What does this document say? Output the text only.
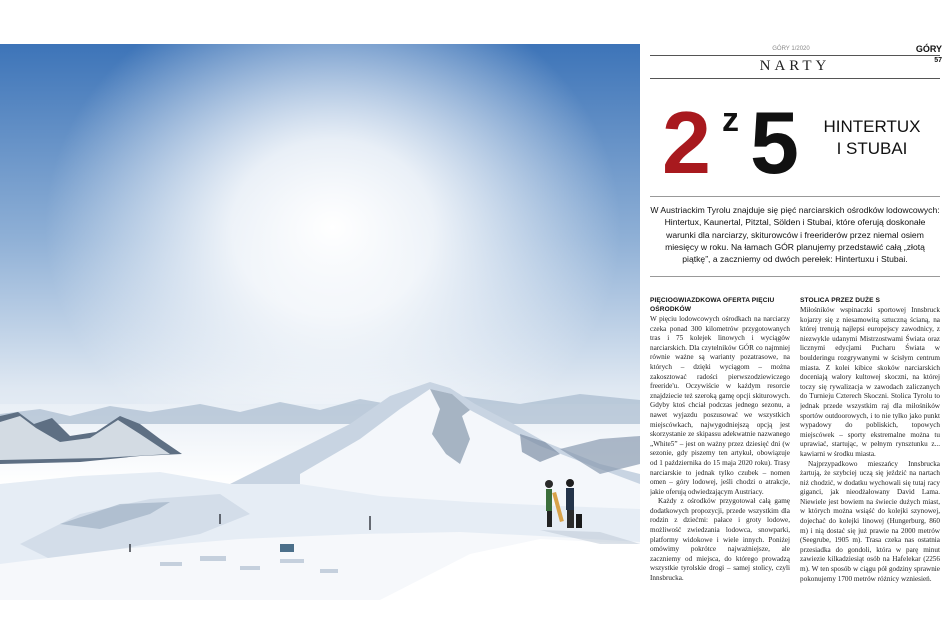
GÓRY 1/2020	GÓRY
57
NARTY
2 z 5 HINTERTUX
I STUBAI
W Austriackim Tyrolu znajduje się pięć narciarskich ośrodków lodowcowych: Hintertux, Kaunertal, Pitztal, Sölden i Stubai, które oferują doskonałe warunki dla narciarzy, skiturowców i freeriderów przez niemal osiem miesięcy w roku. Na łamach GÓR planujemy przedstawić całą „złotą piątkę”, a zaczniemy od dwóch perełek: Hintertuxu i Stubai.
PIĘCIOGWIAZDKOWA OFERTA PIĘCIU OŚRODKÓW

W pięciu lodowcowych ośrodkach na narciarzy czeka ponad 300 kilometrów przygotowanych tras i 75 kolejek linowych i wyciągów narciarskich. Dla czytelników GÓR co najmniej równie ważne są warianty pozatrasowe, na których – dzięki wyciągom – można zakosztować radości pierwszodziewiczego freeride'u. Oczywiście w każdym resorcie znajdziecie też szeroką gamę opcji skiturowych. Gdyby ktoś chciał podczas jednego sezonu, a nawet wyjazdu poszusować we wszystkich miejscówkach, najwygodniejszą opcją jest skorzystanie ze skipassu adekwatnie nazwanego „White5” – jest on ważny przez dziesięć dni (w sezonie, gdy piszemy ten artykuł, obowiązuje od 1 października do 15 maja 2020 roku). Trasy narciarskie to jednak tylko czubek – nomen omen – góry lodowej, jeśli chodzi o atrakcje, jakie oferują odwiedzającym Austriacy.

Każdy z ośrodków przygotował całą gamę dodatkowych propozycji, przede wszystkim dla rodzin z dziećmi: pałace i groty lodowe, możliwość zwiedzania lodowca, snowparki, platformy widokowe i wiele innych. Poniżej omówimy pokrótce najważniejsze, ale zaczniemy od miejsca, do którego prowadzą wszystkie tyrolskie drogi – samej stolicy, czyli Innsbrucka.

STOLICA PRZEZ DUŻE S

Miłośników wspinaczki sportowej Innsbruck kojarzy się z niesamowitą sztuczną ścianą, na której trenują najlepsi europejscy zawodnicy, z niezwykle udanymi Mistrzostwami Świata oraz licznymi edycjami Pucharu Świata w boulderingu rozgrywanymi w ścisłym centrum miasta. Z kolei kibice skoków narciarskich doceniają walory kultowej skoczni, na której toczy się rywalizacja w zawodach zaliczanych do Turnieju Czterech Skoczni. Stolica Tyrolu to jednak przede wszystkim raj dla miłośników sportów outdoorowych, i to nie tylko jako punkt wypadowy do pobliskich, topowych miejscówek – sporty ekstremalne można tu uprawiać, startując, w pełnym rynsztunku z... kawiarni w środku miasta.

Najprzypadkowo mieszańcy Innsbrucka żartują, że szybciej uczą się jeździć na nartach niż chodzić, w dodatku wychowali się tutaj racy giganci, jak nieodżałowany David Lama. Niewiele jest bowiem na świecie dużych miast, w których można wsiąść do kolejki szynowej, dojechać do kolejki linowej (Hungerburg, 860 m) i nią dostać się już prawie na 2000 metrów (Seegrube, 1905 m). Trasa czeka nas ostatnia przesiadka do gondoli, która w parę minut zawiezie kilkadziesiąt osób na Hafelekar (2256 m). W ten sposób w ciągu pół godziny sprawnie pokonujemy 1700 metrów różnicy wzniesień.
